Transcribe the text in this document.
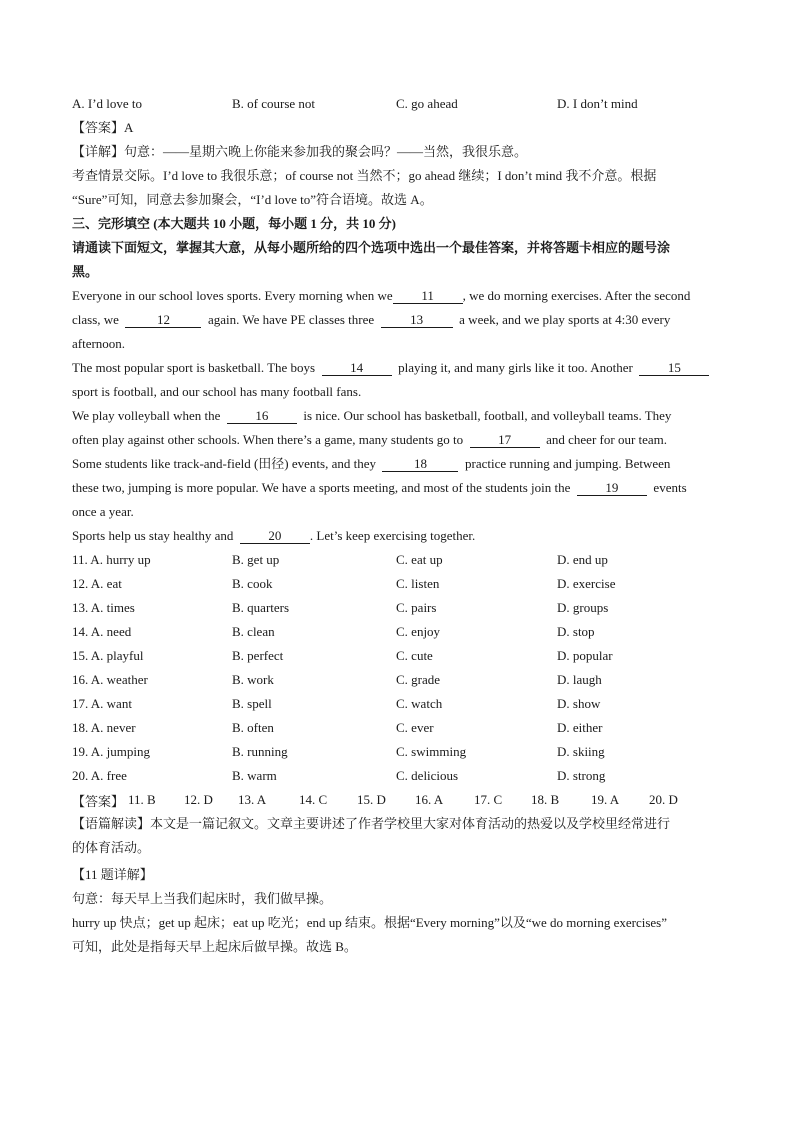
A. I’d love to	B. of course not	C. go ahead	D. I don’t mind
【答案】A
【详解】句意：——星期六晚上你能来参加我的聚会吗？——当然，我很乐意。
考查情景交际。I’d love to 我很乐意；of course not 当然不；go ahead 继续；I don’t mind 我不介意。根据
“Sure”可知，同意去参加聚会，“I’d love to”符合语境。故选 A。
三、完形填空 (本大题共 10 小题，每小题 1 分，共 10 分)
请通读下面短文，掌握其大意，从每小题所给的四个选项中选出一个最佳答案，并将答题卡相应的题号涂
黑。
Everyone in our school loves sports. Every morning when we 11 , we do morning exercises. After the second
class, we	12	again. We have PE classes three	13	a week, and we play sports at 4:30 every
afternoon.
The most popular sport is basketball. The boys	14	playing it, and many girls like it too. Another	15
sport is football, and our school has many football fans.
We play volleyball when the	16	is nice. Our school has basketball, football, and volleyball teams. They
often play against other schools. When there’s a game, many students go to	17	and cheer for our team.
Some students like track-and-field (田径) events, and they	18	practice running and jumping. Between
these two, jumping is more popular. We have a sports meeting, and most of the students join the	19	events
once a year.
Sports help us stay healthy and	20 . Let’s keep exercising together.
11. A. hurry up	B. get up	C. eat up	D. end up
12. A. eat	B. cook	C. listen	D. exercise
13. A. times	B. quarters	C. pairs	D. groups
14. A. need	B. clean	C. enjoy	D. stop
15. A. playful	B. perfect	C. cute	D. popular
16. A. weather	B. work	C. grade	D. laugh
17. A. want	B. spell	C. watch	D. show
18. A. never	B. often	C. ever	D. either
19. A. jumping	B. running	C. swimming	D. skiing
20. A. free	B. warm	C. delicious	D. strong
【答案】 11. B	12. D	13. A	14. C	15. D	16. A	17. C	18. B	19. A	20. D
【语篇解读】本文是一篇记叙文。文章主要讲述了作者学校里大家对体育活动的热爱以及学校里经常进行
的体育活动。
【11 题详解】
句意：每天早上当我们起床时，我们做早操。
hurry up 快点；get up 起床；eat up 吃光；end up 结束。根据“Every morning”以及“we do morning exercises”
可知，此处是指每天早上起床后做早操。故选 B。
